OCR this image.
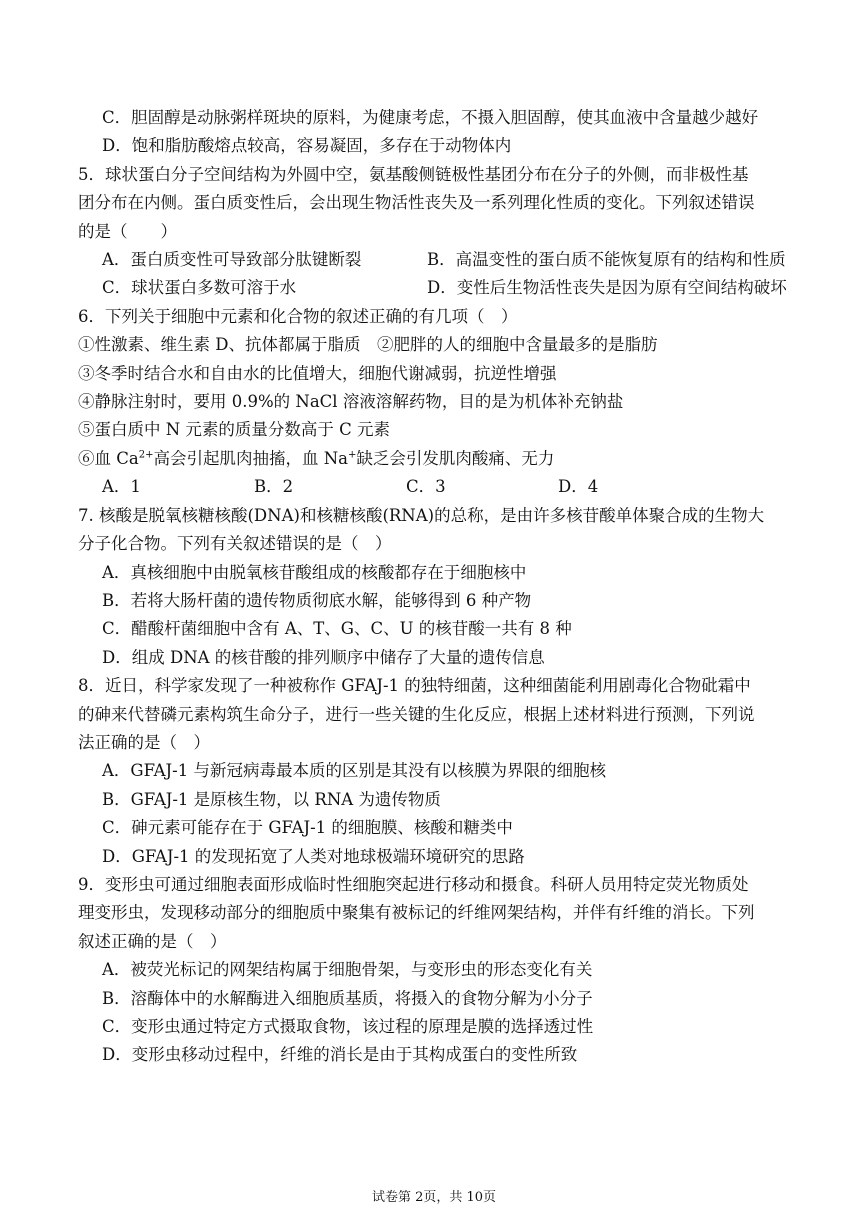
C．胆固醇是动脉粥样斑块的原料，为健康考虑，不摄入胆固醇，使其血液中含量越少越好
D．饱和脂肪酸熔点较高，容易凝固，多存在于动物体内
5．球状蛋白分子空间结构为外圆中空，氨基酸侧链极性基团分布在分子的外侧，而非极性基
团分布在内侧。蛋白质变性后，会出现生物活性丧失及一系列理化性质的变化。下列叙述错误
的是（　　）
A．蛋白质变性可导致部分肽键断裂	B．高温变性的蛋白质不能恢复原有的结构和性质
C．球状蛋白多数可溶于水	D．变性后生物活性丧失是因为原有空间结构破坏
6．下列关于细胞中元素和化合物的叙述正确的有几项（　）
①性激素、维生素 D、抗体都属于脂质　②肥胖的人的细胞中含量最多的是脂肪
③冬季时结合水和自由水的比值增大，细胞代谢减弱，抗逆性增强
④静脉注射时，要用 0.9%的 NaCl 溶液溶解药物，目的是为机体补充钠盐
⑤蛋白质中 N 元素的质量分数高于 C 元素
⑥血 $Ca^{2+}$高会引起肌肉抽搐，血 Na+缺乏会引发肌肉酸痛、无力
A．1	B．2	C．3	D．4
7. 核酸是脱氧核糖核酸(DNA)和核糖核酸(RNA)的总称，是由许多核苷酸单体聚合成的生物大
分子化合物。下列有关叙述错误的是（　）
A．真核细胞中由脱氧核苷酸组成的核酸都存在于细胞核中
B．若将大肠杆菌的遗传物质彻底水解，能够得到 6 种产物
C．醋酸杆菌细胞中含有 A、T、G、C、U 的核苷酸一共有 8 种
D．组成 DNA 的核苷酸的排列顺序中储存了大量的遗传信息
8．近日，科学家发现了一种被称作 GFAJ-1 的独特细菌，这种细菌能利用剧毒化合物砒霜中
的砷来代替磷元素构筑生命分子，进行一些关键的生化反应，根据上述材料进行预测，下列说
法正确的是（　）
A．GFAJ-1 与新冠病毒最本质的区别是其没有以核膜为界限的细胞核
B．GFAJ-1 是原核生物，以 RNA 为遗传物质
C．砷元素可能存在于 GFAJ-1 的细胞膜、核酸和糖类中
D．GFAJ-1 的发现拓宽了人类对地球极端环境研究的思路
9．变形虫可通过细胞表面形成临时性细胞突起进行移动和摄食。科研人员用特定荧光物质处
理变形虫，发现移动部分的细胞质中聚集有被标记的纤维网架结构，并伴有纤维的消长。下列
叙述正确的是（　）
A．被荧光标记的网架结构属于细胞骨架，与变形虫的形态变化有关
B．溶酶体中的水解酶进入细胞质基质，将摄入的食物分解为小分子
C．变形虫通过特定方式摄取食物，该过程的原理是膜的选择透过性
D．变形虫移动过程中，纤维的消长是由于其构成蛋白的变性所致
试卷第 2页，共 10页
